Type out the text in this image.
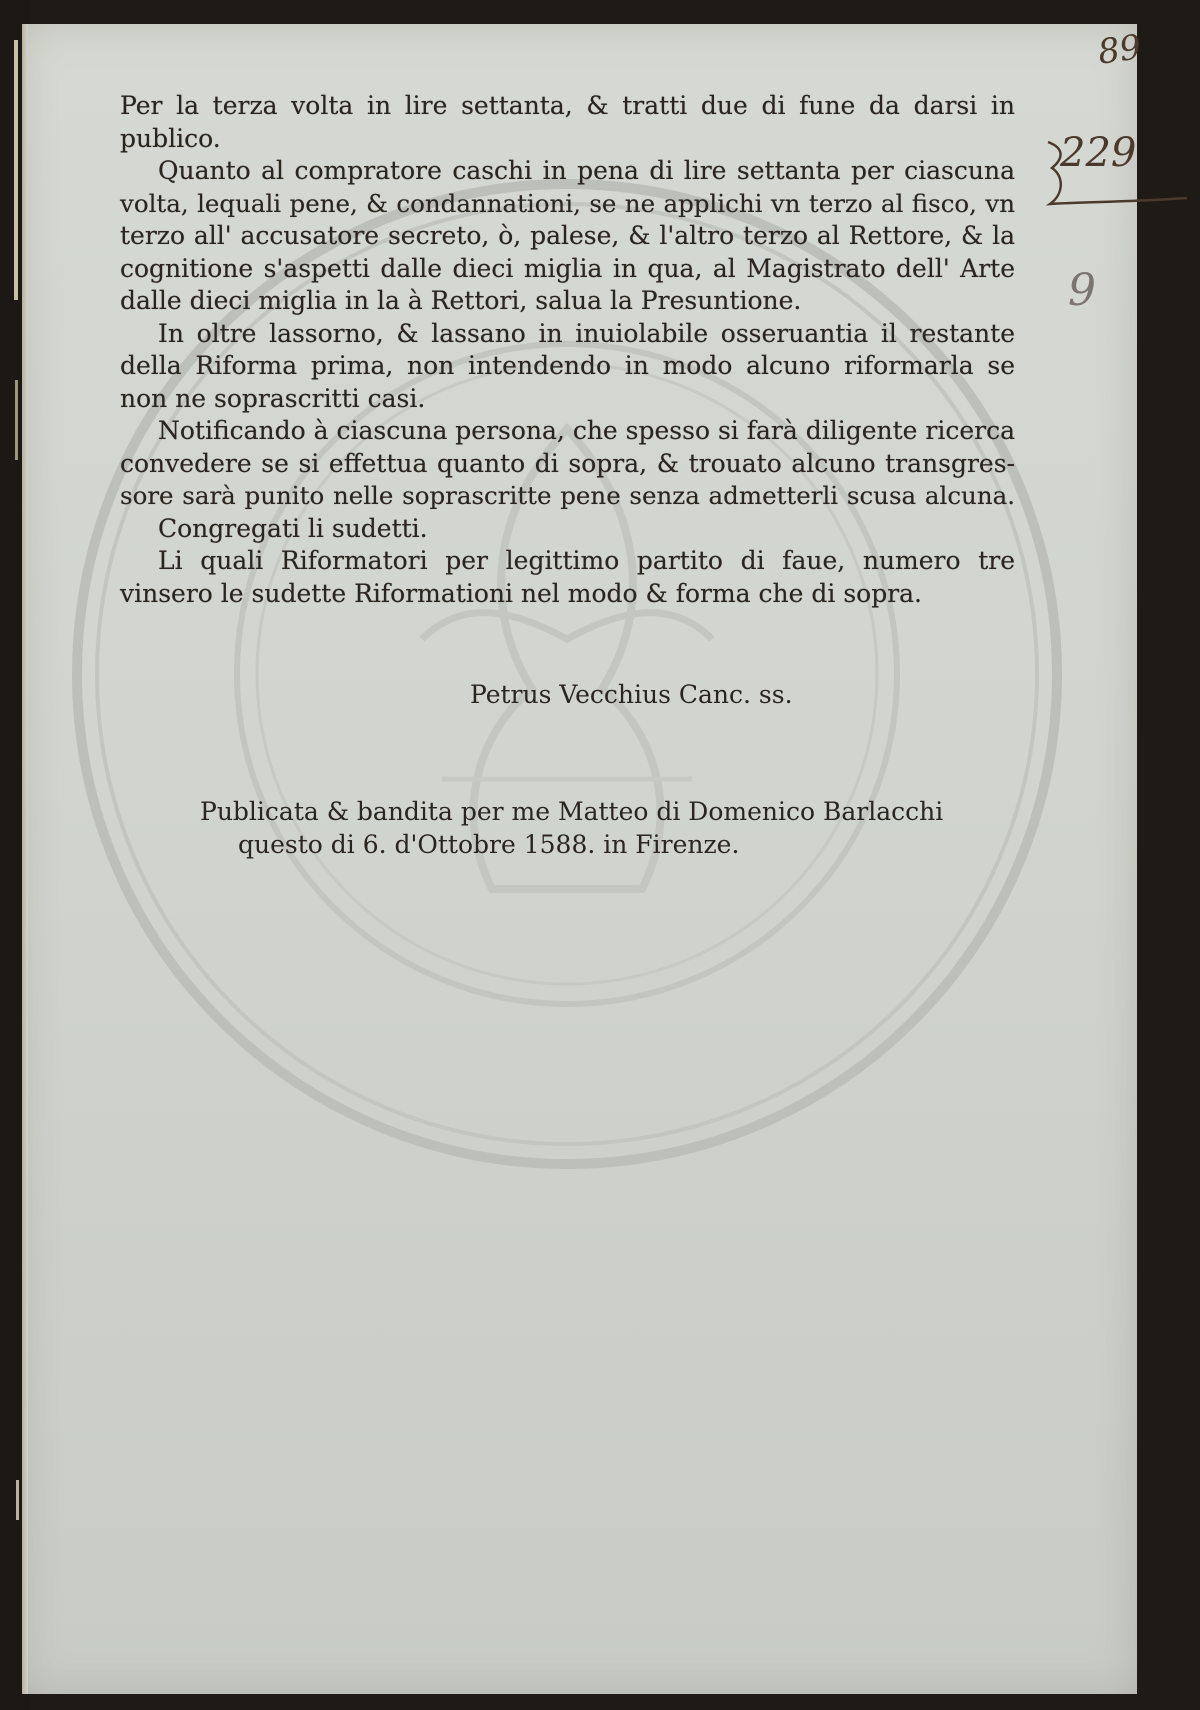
Per la terza volta in lire settanta, & tratti due di fune da darsi in
publico.
Quanto al compratore caschi in pena di lire settanta per ciascuna
volta, lequali pene, & condannationi, se ne applichi vn terzo al fisco, vn
terzo all' accusatore secreto, ò, palese, & l'altro terzo al Rettore, & la
cognitione s'aspetti dalle dieci miglia in qua, al Magistrato dell' Arte
dalle dieci miglia in la à Rettori, salua la Presuntione.
In oltre lassorno, & lassano in inuiolabile osseruantia il restante
della Riforma prima, non intendendo in modo alcuno riformarla se
non ne soprascritti casi.
Notificando à ciascuna persona, che spesso si farà diligente ricerca
convedere se si effettua quanto di sopra, & trouato alcuno transgres-
sore sarà punito nelle soprascritte pene senza admetterli scusa alcuna.
Congregati li sudetti.
Li quali Riformatori per legittimo partito di faue, numero tre
vinsero le sudette Riformationi nel modo & forma che di sopra.
Petrus Vecchius Canc. ss.
Publicata & bandita per me Matteo di Domenico Barlacchi
questo di 6. d'Ottobre 1588. in Firenze.
89
229
9
